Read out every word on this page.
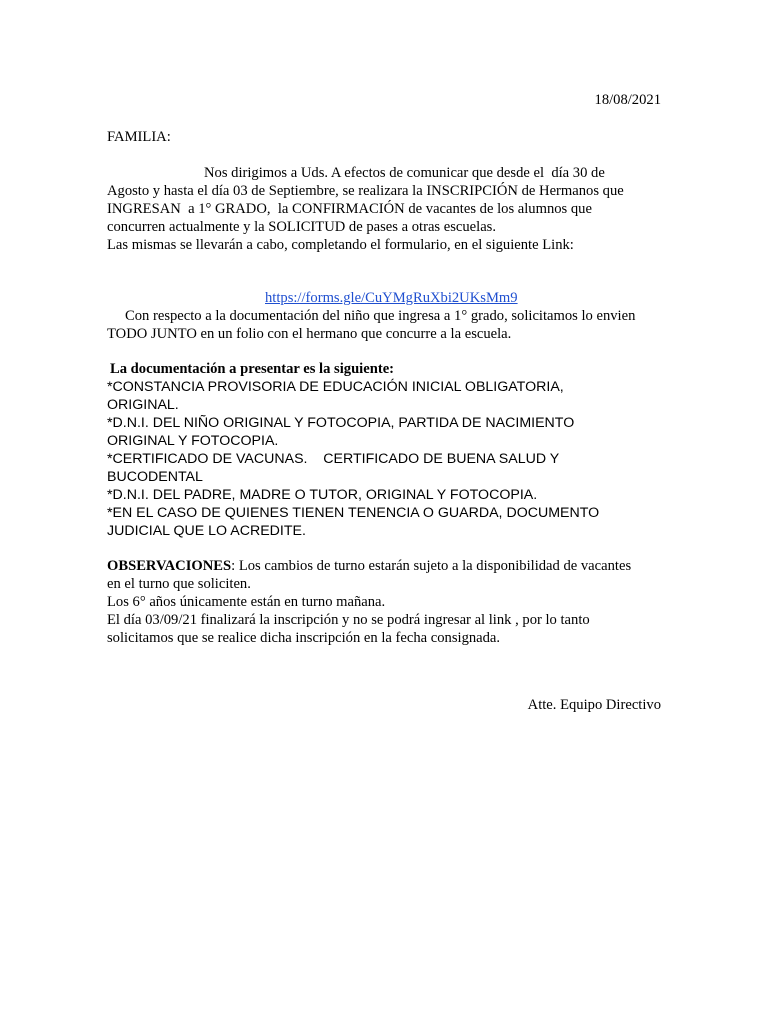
18/08/2021
FAMILIA:
Nos dirigimos a Uds. A efectos de comunicar que desde el  día 30 de
Agosto y hasta el día 03 de Septiembre, se realizara la INSCRIPCIÓN de Hermanos que
INGRESAN  a 1° GRADO,  la CONFIRMACIÓN de vacantes de los alumnos que
concurren actualmente y la SOLICITUD de pases a otras escuelas.
Las mismas se llevarán a cabo, completando el formulario, en el siguiente Link:

https://forms.gle/CuYMgRuXbi2UKsMm9

Con respecto a la documentación del niño que ingresa a 1° grado, solicitamos lo envien
TODO JUNTO en un folio con el hermano que concurre a la escuela.
La documentación a presentar es la siguiente:
*CONSTANCIA PROVISORIA DE EDUCACIÓN INICIAL OBLIGATORIA,
ORIGINAL.
*D.N.I. DEL NIÑO ORIGINAL Y FOTOCOPIA, PARTIDA DE NACIMIENTO
ORIGINAL Y FOTOCOPIA.
*CERTIFICADO DE VACUNAS.    CERTIFICADO DE BUENA SALUD Y
BUCODENTAL
*D.N.I. DEL PADRE, MADRE O TUTOR, ORIGINAL Y FOTOCOPIA.
*EN EL CASO DE QUIENES TIENEN TENENCIA O GUARDA, DOCUMENTO
JUDICIAL QUE LO ACREDITE.
OBSERVACIONES: Los cambios de turno estarán sujeto a la disponibilidad de vacantes
en el turno que soliciten.
Los 6° años únicamente están en turno mañana.
El día 03/09/21 finalizará la inscripción y no se podrá ingresar al link , por lo tanto
solicitamos que se realice dicha inscripción en la fecha consignada.
Atte. Equipo Directivo
